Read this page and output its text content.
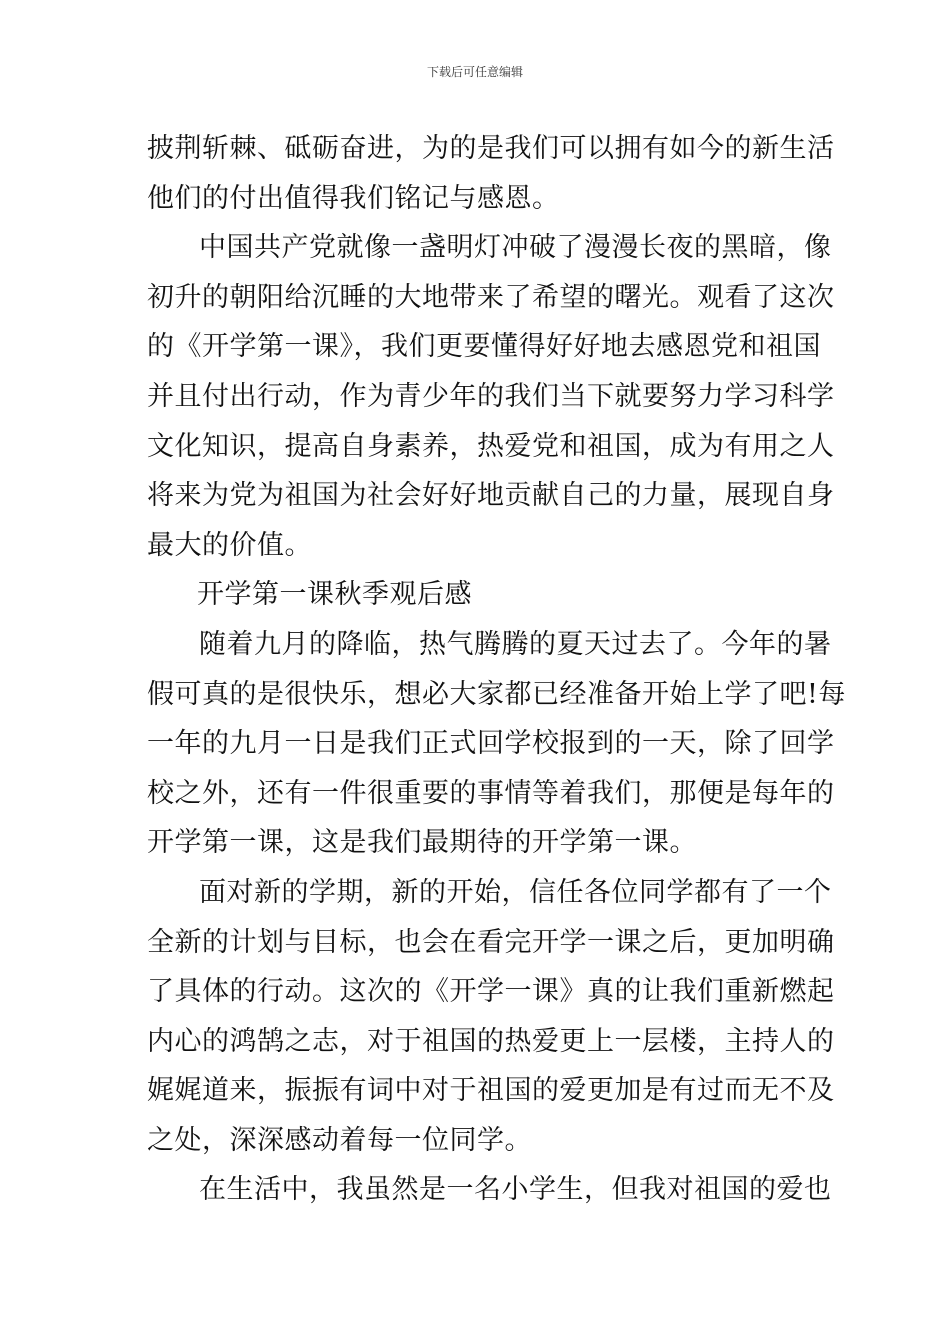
下载后可任意编辑
披荆斩棘、砥砺奋进，为的是我们可以拥有如今的新生活
他们的付出值得我们铭记与感恩。
中国共产党就像一盏明灯冲破了漫漫长夜的黑暗，像
初升的朝阳给沉睡的大地带来了希望的曙光。观看了这次
的《开学第一课》，我们更要懂得好好地去感恩党和祖国
并且付出行动，作为青少年的我们当下就要努力学习科学
文化知识，提高自身素养，热爱党和祖国，成为有用之人
将来为党为祖国为社会好好地贡献自己的力量，展现自身
最大的价值。
开学第一课秋季观后感
随着九月的降临，热气腾腾的夏天过去了。今年的暑
假可真的是很快乐，想必大家都已经准备开始上学了吧!每
一年的九月一日是我们正式回学校报到的一天，除了回学
校之外，还有一件很重要的事情等着我们，那便是每年的
开学第一课，这是我们最期待的开学第一课。
面对新的学期，新的开始，信任各位同学都有了一个
全新的计划与目标，也会在看完开学一课之后，更加明确
了具体的行动。这次的《开学一课》真的让我们重新燃起
内心的鸿鹄之志，对于祖国的热爱更上一层楼，主持人的
娓娓道来，振振有词中对于祖国的爱更加是有过而无不及
之处，深深感动着每一位同学。
在生活中，我虽然是一名小学生，但我对祖国的爱也
